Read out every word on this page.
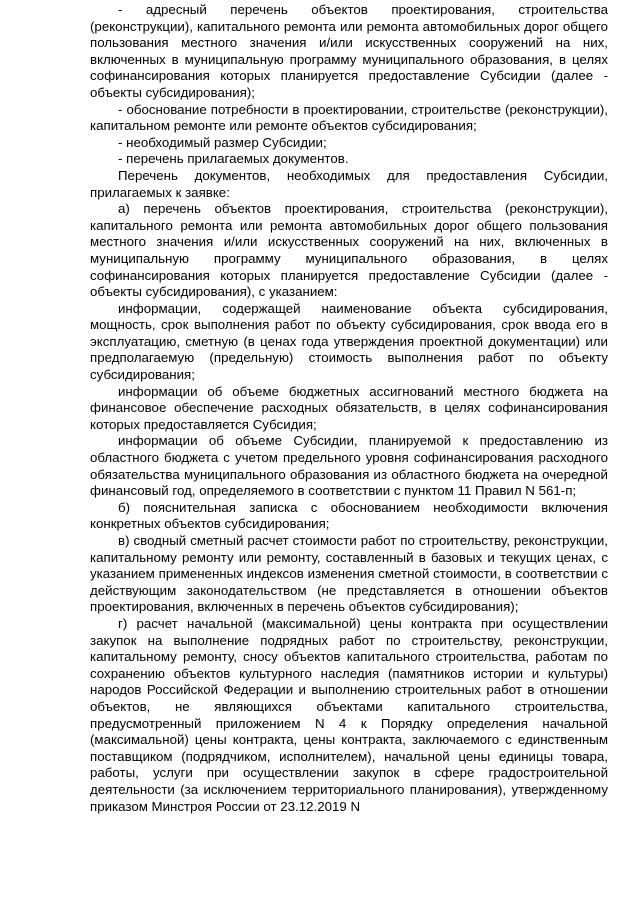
- адресный перечень объектов проектирования, строительства (реконструкции), капитального ремонта или ремонта автомобильных дорог общего пользования местного значения и/или искусственных сооружений на них, включенных в муниципальную программу муниципального образования, в целях софинансирования которых планируется предоставление Субсидии (далее - объекты субсидирования);

- обоснование потребности в проектировании, строительстве (реконструкции), капитальном ремонте или ремонте объектов субсидирования;

- необходимый размер Субсидии;

- перечень прилагаемых документов.

Перечень документов, необходимых для предоставления Субсидии, прилагаемых к заявке:

а) перечень объектов проектирования, строительства (реконструкции), капитального ремонта или ремонта автомобильных дорог общего пользования местного значения и/или искусственных сооружений на них, включенных в муниципальную программу муниципального образования, в целях софинансирования которых планируется предоставление Субсидии (далее - объекты субсидирования), с указанием:

информации, содержащей наименование объекта субсидирования, мощность, срок выполнения работ по объекту субсидирования, срок ввода его в эксплуатацию, сметную (в ценах года утверждения проектной документации) или предполагаемую (предельную) стоимость выполнения работ по объекту субсидирования;

информации об объеме бюджетных ассигнований местного бюджета на финансовое обеспечение расходных обязательств, в целях софинансирования которых предоставляется Субсидия;

информации об объеме Субсидии, планируемой к предоставлению из областного бюджета с учетом предельного уровня софинансирования расходного обязательства муниципального образования из областного бюджета на очередной финансовый год, определяемого в соответствии с пунктом 11 Правил N 561-п;

б) пояснительная записка с обоснованием необходимости включения конкретных объектов субсидирования;

в) сводный сметный расчет стоимости работ по строительству, реконструкции, капитальному ремонту или ремонту, составленный в базовых и текущих ценах, с указанием примененных индексов изменения сметной стоимости, в соответствии с действующим законодательством (не представляется в отношении объектов проектирования, включенных в перечень объектов субсидирования);

г) расчет начальной (максимальной) цены контракта при осуществлении закупок на выполнение подрядных работ по строительству, реконструкции, капитальному ремонту, сносу объектов капитального строительства, работам по сохранению объектов культурного наследия (памятников истории и культуры) народов Российской Федерации и выполнению строительных работ в отношении объектов, не являющихся объектами капитального строительства, предусмотренный приложением N 4 к Порядку определения начальной (максимальной) цены контракта, цены контракта, заключаемого с единственным поставщиком (подрядчиком, исполнителем), начальной цены единицы товара, работы, услуги при осуществлении закупок в сфере градостроительной деятельности (за исключением территориального планирования), утвержденному приказом Минстроя России от 23.12.2019 N
